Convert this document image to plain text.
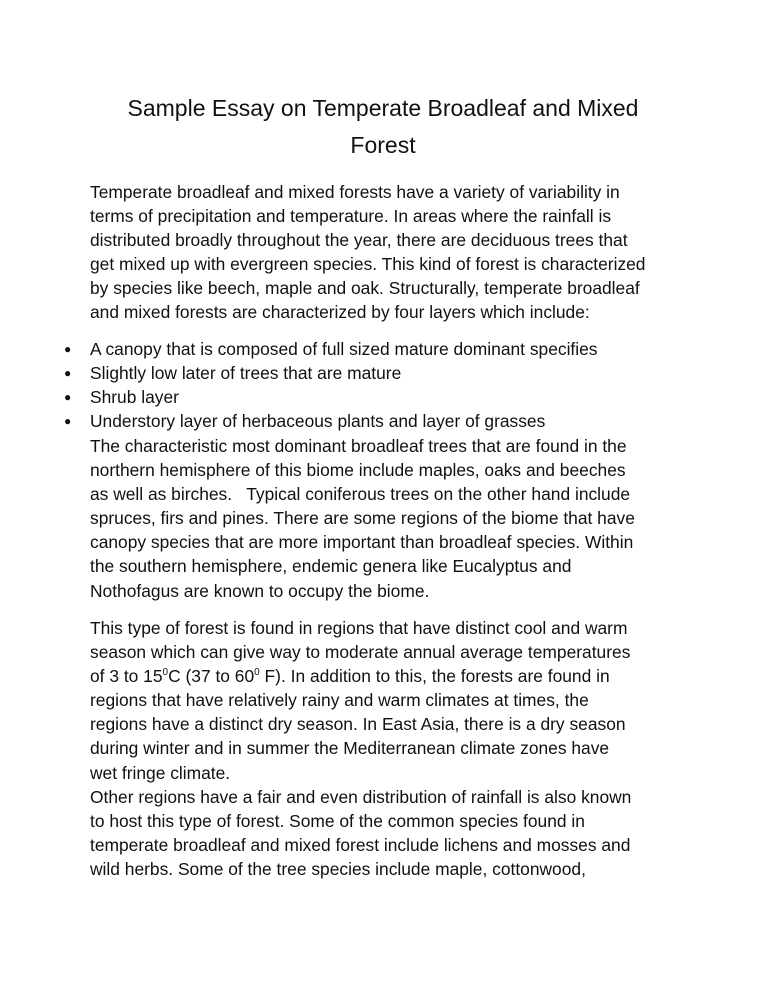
Sample Essay on Temperate Broadleaf and Mixed
Forest

Temperate broadleaf and mixed forests have a variety of variability in
terms of precipitation and temperature. In areas where the rainfall is
distributed broadly throughout the year, there are deciduous trees that
get mixed up with evergreen species. This kind of forest is characterized
by species like beech, maple and oak. Structurally, temperate broadleaf
and mixed forests are characterized by four layers which include:

● A canopy that is composed of full sized mature dominant specifies
● Slightly low later of trees that are mature
● Shrub layer
● Understory layer of herbaceous plants and layer of grasses

The characteristic most dominant broadleaf trees that are found in the
northern hemisphere of this biome include maples, oaks and beeches
as well as birches.   Typical coniferous trees on the other hand include
spruces, firs and pines. There are some regions of the biome that have
canopy species that are more important than broadleaf species. Within
the southern hemisphere, endemic genera like Eucalyptus and
Nothofagus are known to occupy the biome.

This type of forest is found in regions that have distinct cool and warm
season which can give way to moderate annual average temperatures
of 3 to $15^0C$ (37 to $60^0$ F). In addition to this, the forests are found in
regions that have relatively rainy and warm climates at times, the
regions have a distinct dry season. In East Asia, there is a dry season
during winter and in summer the Mediterranean climate zones have
wet fringe climate.

Other regions have a fair and even distribution of rainfall is also known
to host this type of forest. Some of the common species found in
temperate broadleaf and mixed forest include lichens and mosses and
wild herbs. Some of the tree species include maple, cottonwood,
